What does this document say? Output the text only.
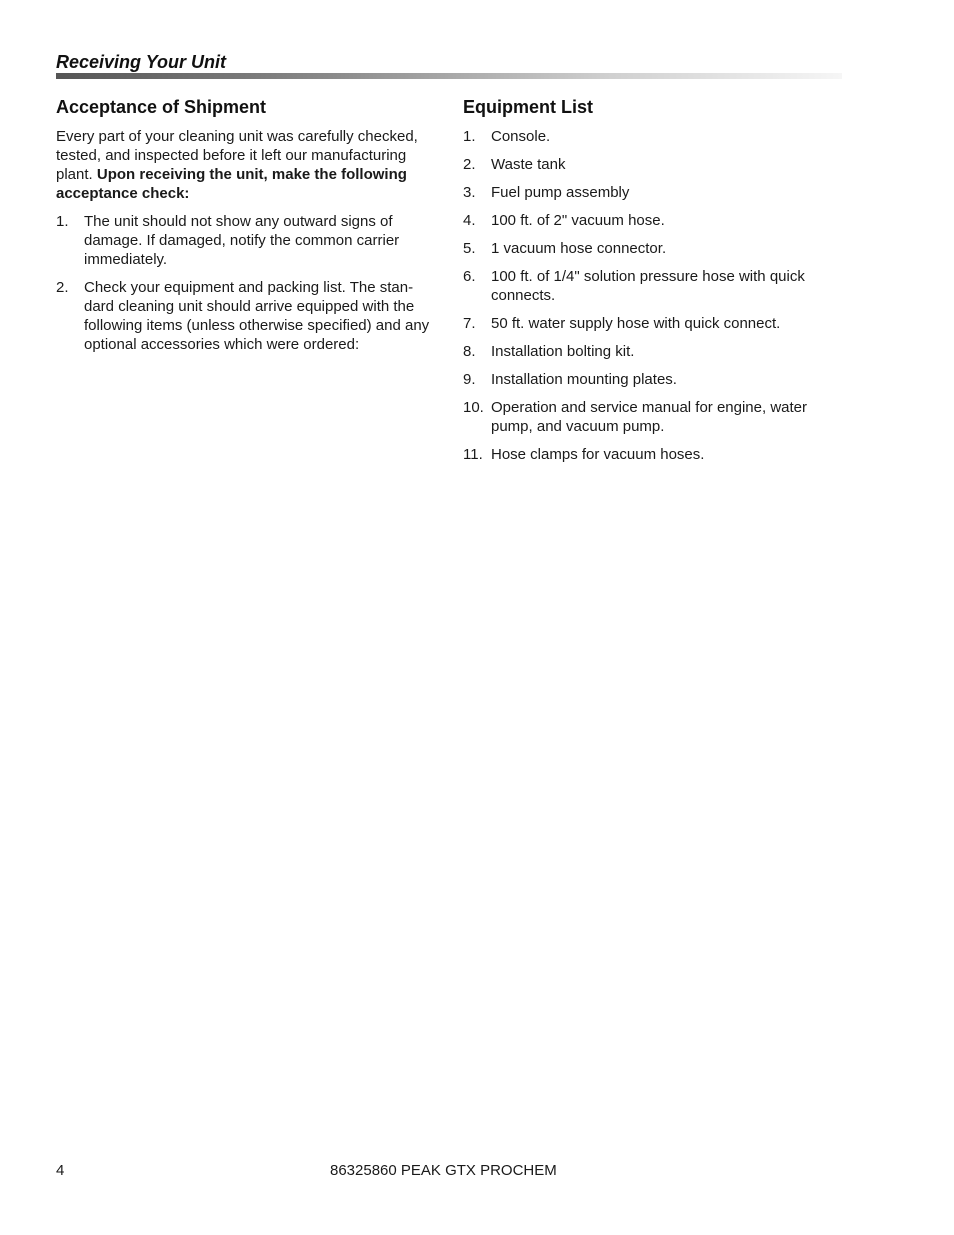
Receiving Your Unit
Acceptance of Shipment

Every part of your cleaning unit was carefully checked, tested, and inspected before it left our manufacturing plant. Upon receiving the unit, make the following acceptance check:

1.	The unit should not show any outward signs of damage. If damaged, notify the common carrier immediately.
2.	Check your equipment and packing list. The stan-dard cleaning unit should arrive equipped with the following items (unless otherwise specified) and any optional accessories which were ordered:
Equipment List
1.	Console.
2.	Waste tank
3.	Fuel pump assembly
4.	100 ft. of 2" vacuum hose.
5.	1 vacuum hose connector.
6.	100 ft. of 1/4" solution pressure hose with quick connects.
7.	50 ft. water supply hose with quick connect.
8.	Installation bolting kit.
9.	Installation mounting plates.
10. Operation and service manual for engine, water pump, and vacuum pump.
11. Hose clamps for vacuum hoses.
4	86325860 PEAK GTX PROCHEM
